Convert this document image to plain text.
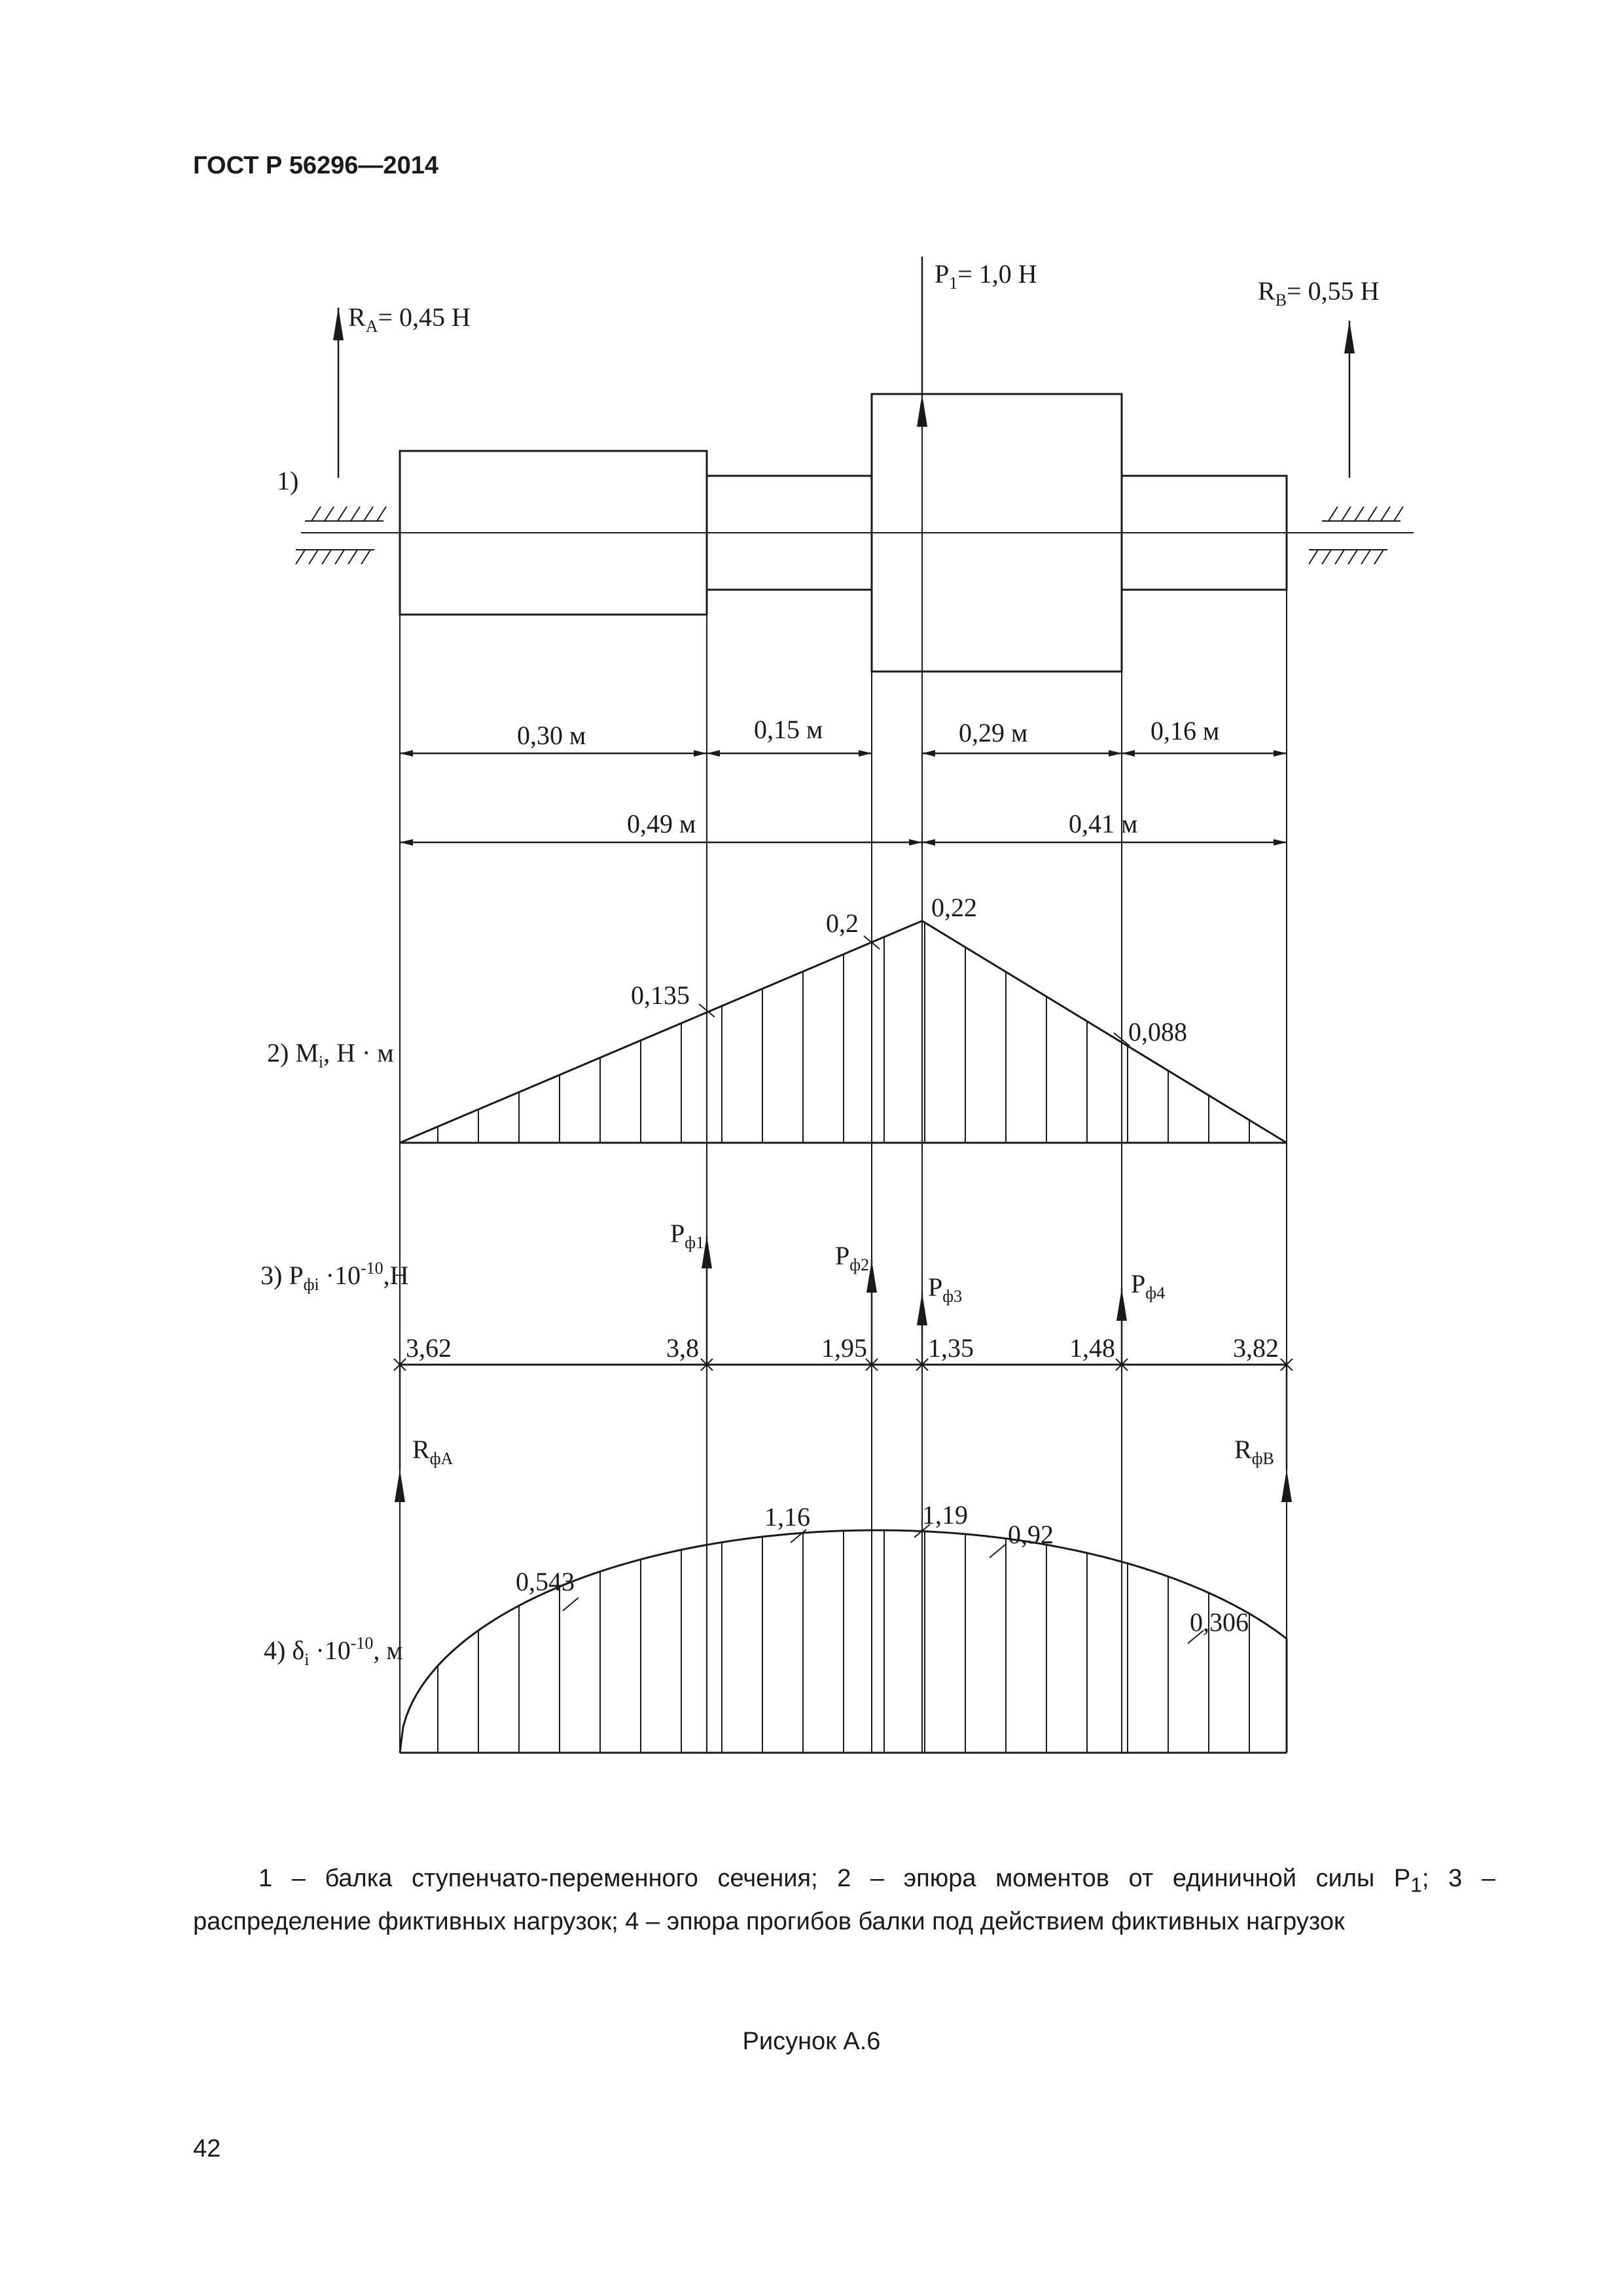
ГОСТ Р 56296—2014
1)
$R_A= 0,45$ Н
$P_1= 1,0$ Н
$R_B= 0,55$ Н
0,30 м	0,15 м	0,29 м	0,16 м
0,49 м	0,41 м
2) $M_i$, Н · м
0,135
0,2
0,22
0,088
3) $P_{фi} \cdot 10^{-10},Н$
$P_{ф1}$	$P_{ф2}$
$P_{ф3}$	$P_{ф4}$
$R_{фA}$	$R_{фB}$
3,62	3,8	1,95 1,35	1,48	3,82
4) $\delta_i \cdot 10^{-10}$, м
0,543
1,16	1,19
0,92
0,306
1 – балка ступенчато-переменного сечения; 2 – эпюра моментов от единичной силы $P_1$; 3 – распределение фиктивных нагрузок; 4 – эпюра прогибов балки под действием фиктивных нагрузок
Рисунок А.6
42
